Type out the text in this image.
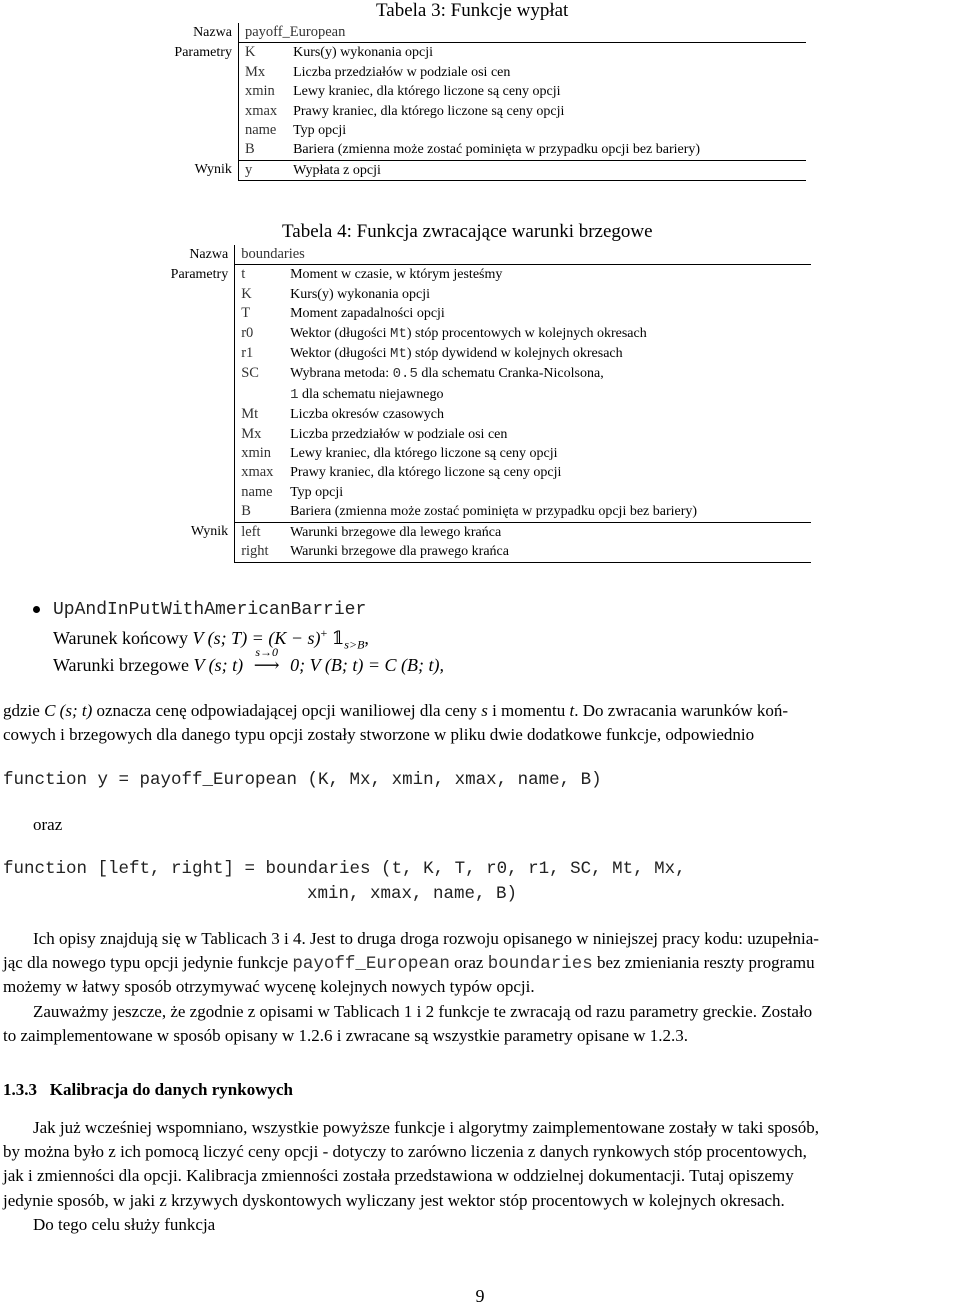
Tabela 3: Funkcje wypłat
Nazwa	payoff_European	
Parametry	K	Kurs(y) wykonania opcji
	Mx	Liczba przedziałów w podziale osi cen
	xmin	Lewy kraniec, dla którego liczone są ceny opcji
	xmax	Prawy kraniec, dla którego liczone są ceny opcji
	name	Typ opcji
	B	Bariera (zmienna może zostać pominięta w przypadku opcji bez bariery)
Wynik	y	Wypłata z opcji
Tabela 4: Funkcja zwracające warunki brzegowe
Nazwa	boundaries	
Parametry	t	Moment w czasie, w którym jesteśmy
	K	Kurs(y) wykonania opcji
	T	Moment zapadalności opcji
	r0	Wektor (długości Mt) stóp procentowych w kolejnych okresach
	r1	Wektor (długości Mt) stóp dywidend w kolejnych okresach
	SC	Wybrana metoda: 0.5 dla schematu Cranka-Nicolsona,
		1 dla schematu niejawnego
	Mt	Liczba okresów czasowych
	Mx	Liczba przedziałów w podziale osi cen
	xmin	Lewy kraniec, dla którego liczone są ceny opcji
	xmax	Prawy kraniec, dla którego liczone są ceny opcji
	name	Typ opcji
	B	Bariera (zmienna może zostać pominięta w przypadku opcji bez bariery)
Wynik	left	Warunki brzegowe dla lewego krańca
	right	Warunki brzegowe dla prawego krańca
UpAndInPutWithAmericanBarrier
Warunek końcowy V (s; T) = (K − s)+ $𝟙_{s>B}$,
Warunki brzegowe V (s; t)
s→0
⟶ 0; V (B; t) = C (B; t),
gdzie C (s; t) oznacza cenę odpowiadającej opcji waniliowej dla ceny s i momentu t. Do zwracania warunków koń-
cowych i brzegowych dla danego typu opcji zostały stworzone w pliku dwie dodatkowe funkcje, odpowiednio
function y = payoff_European (K, Mx, xmin, xmax, name, B)
oraz
function [left, right] = boundaries (t, K, T, r0, r1, SC, Mt, Mx,
xmin, xmax, name, B)
Ich opisy znajdują się w Tablicach 3 i 4. Jest to druga droga rozwoju opisanego w niniejszej pracy kodu: uzupełnia-
jąc dla nowego typu opcji jedynie funkcje payoff_European oraz boundaries bez zmieniania reszty programu
możemy w łatwy sposób otrzymywać wycenę kolejnych nowych typów opcji.
Zauważmy jeszcze, że zgodnie z opisami w Tablicach 1 i 2 funkcje te zwracają od razu parametry greckie. Zostało
to zaimplementowane w sposób opisany w 1.2.6 i zwracane są wszystkie parametry opisane w 1.2.3.
1.3.3 Kalibracja do danych rynkowych
Jak już wcześniej wspomniano, wszystkie powyższe funkcje i algorytmy zaimplementowane zostały w taki sposób,
by można było z ich pomocą liczyć ceny opcji - dotyczy to zarówno liczenia z danych rynkowych stóp procentowych,
jak i zmienności dla opcji. Kalibracja zmienności została przedstawiona w oddzielnej dokumentacji. Tutaj opiszemy
jedynie sposób, w jaki z krzywych dyskontowych wyliczany jest wektor stóp procentowych w kolejnych okresach.
Do tego celu służy funkcja
9
